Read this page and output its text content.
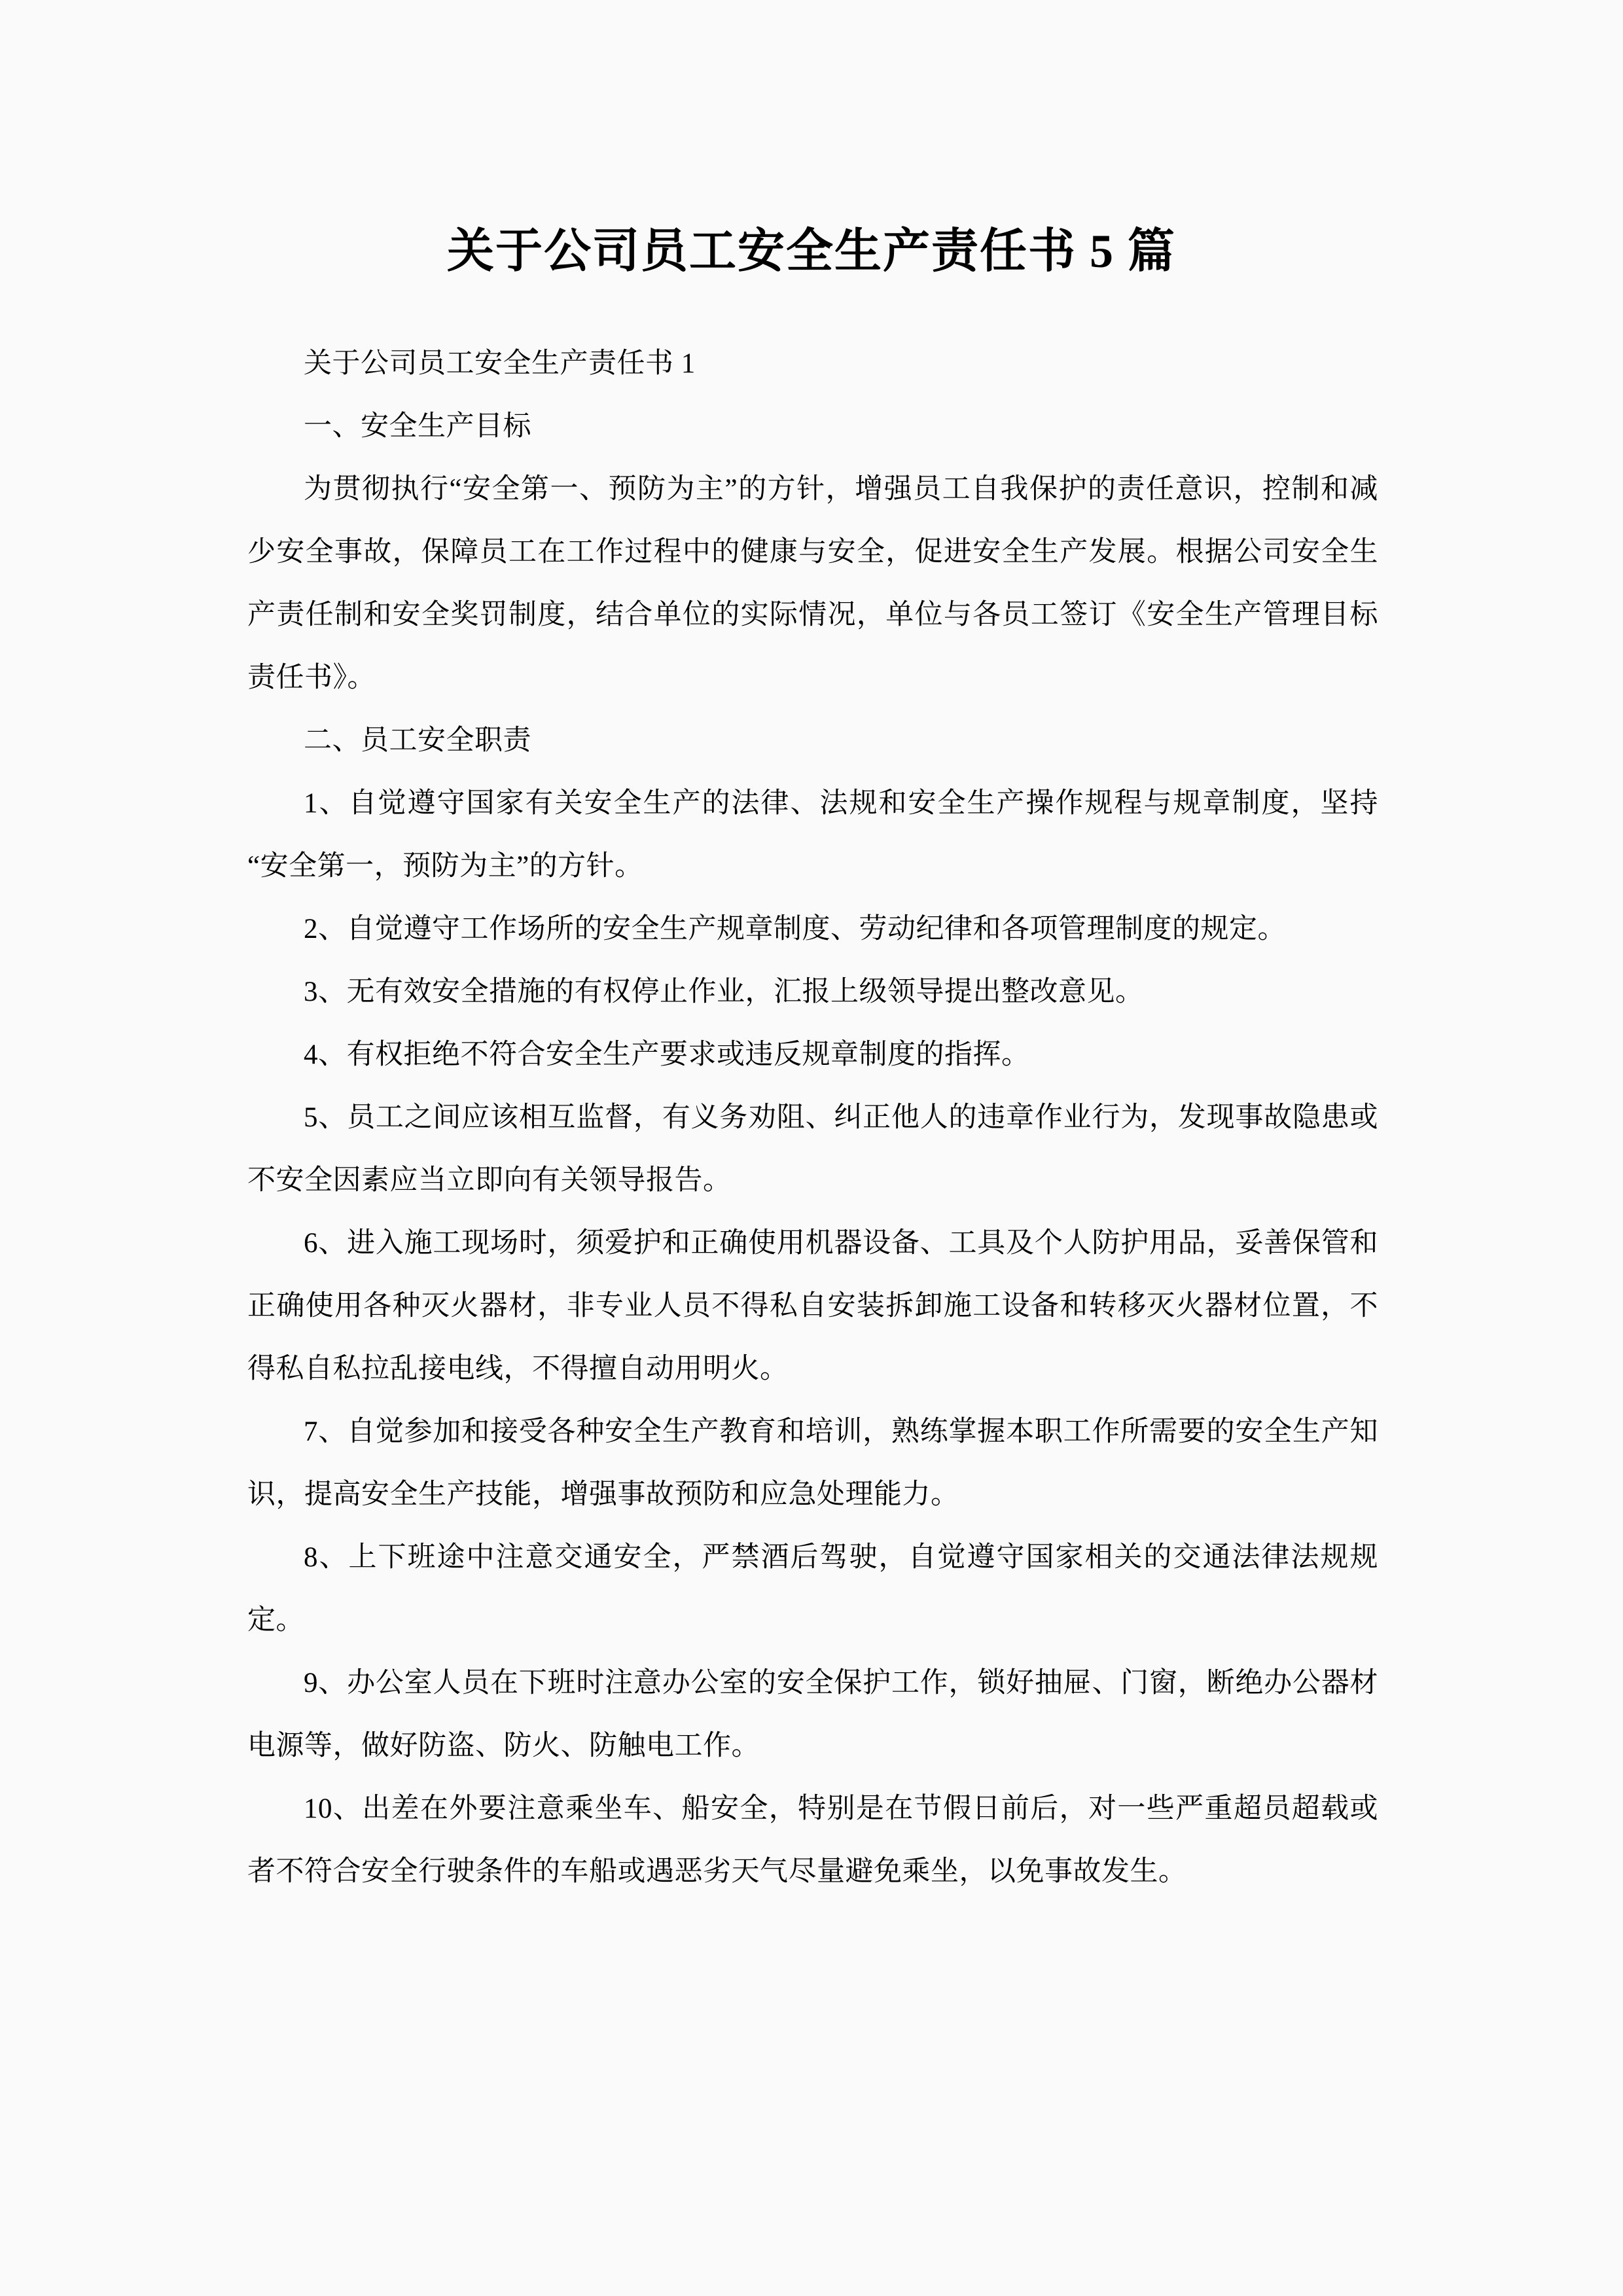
关于公司员工安全生产责任书 5 篇

关于公司员工安全生产责任书 1

一、安全生产目标

为贯彻执行“安全第一、预防为主”的方针，增强员工自我保护的责任意识，控制和减少安全事故，保障员工在工作过程中的健康与安全，促进安全生产发展。根据公司安全生产责任制和安全奖罚制度，结合单位的实际情况，单位与各员工签订《安全生产管理目标责任书》。

二、员工安全职责

1、自觉遵守国家有关安全生产的法律、法规和安全生产操作规程与规章制度，坚持“安全第一，预防为主”的方针。

2、自觉遵守工作场所的安全生产规章制度、劳动纪律和各项管理制度的规定。

3、无有效安全措施的有权停止作业，汇报上级领导提出整改意见。

4、有权拒绝不符合安全生产要求或违反规章制度的指挥。

5、员工之间应该相互监督，有义务劝阻、纠正他人的违章作业行为，发现事故隐患或不安全因素应当立即向有关领导报告。

6、进入施工现场时，须爱护和正确使用机器设备、工具及个人防护用品，妥善保管和正确使用各种灭火器材，非专业人员不得私自安装拆卸施工设备和转移灭火器材位置，不得私自私拉乱接电线，不得擅自动用明火。

7、自觉参加和接受各种安全生产教育和培训，熟练掌握本职工作所需要的安全生产知识，提高安全生产技能，增强事故预防和应急处理能力。

8、上下班途中注意交通安全，严禁酒后驾驶，自觉遵守国家相关的交通法律法规规定。

9、办公室人员在下班时注意办公室的安全保护工作，锁好抽屉、门窗，断绝办公器材电源等，做好防盗、防火、防触电工作。

10、出差在外要注意乘坐车、船安全，特别是在节假日前后，对一些严重超员超载或者不符合安全行驶条件的车船或遇恶劣天气尽量避免乘坐，以免事故发生。
